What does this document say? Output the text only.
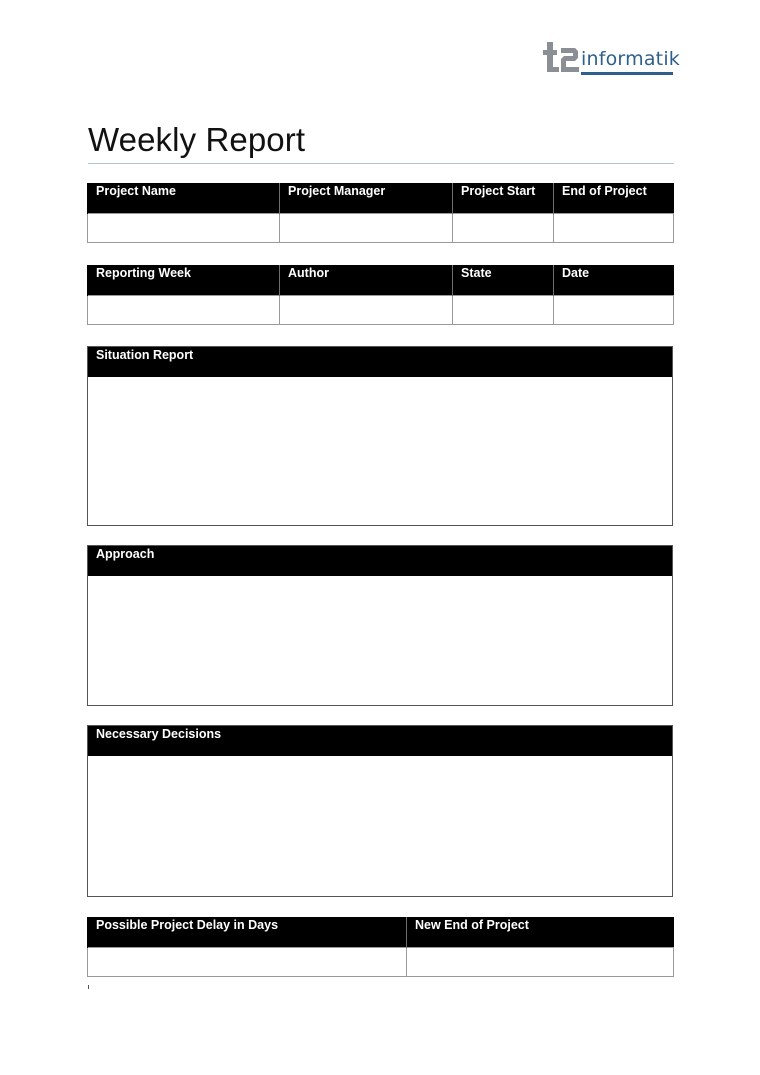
informatik
Weekly Report
Project Name	Project Manager	Project Start	End of Project

Reporting Week	Author	State	Date

Situation Report
Approach
Necessary Decisions
Possible Project Delay in Days	New End of Project
